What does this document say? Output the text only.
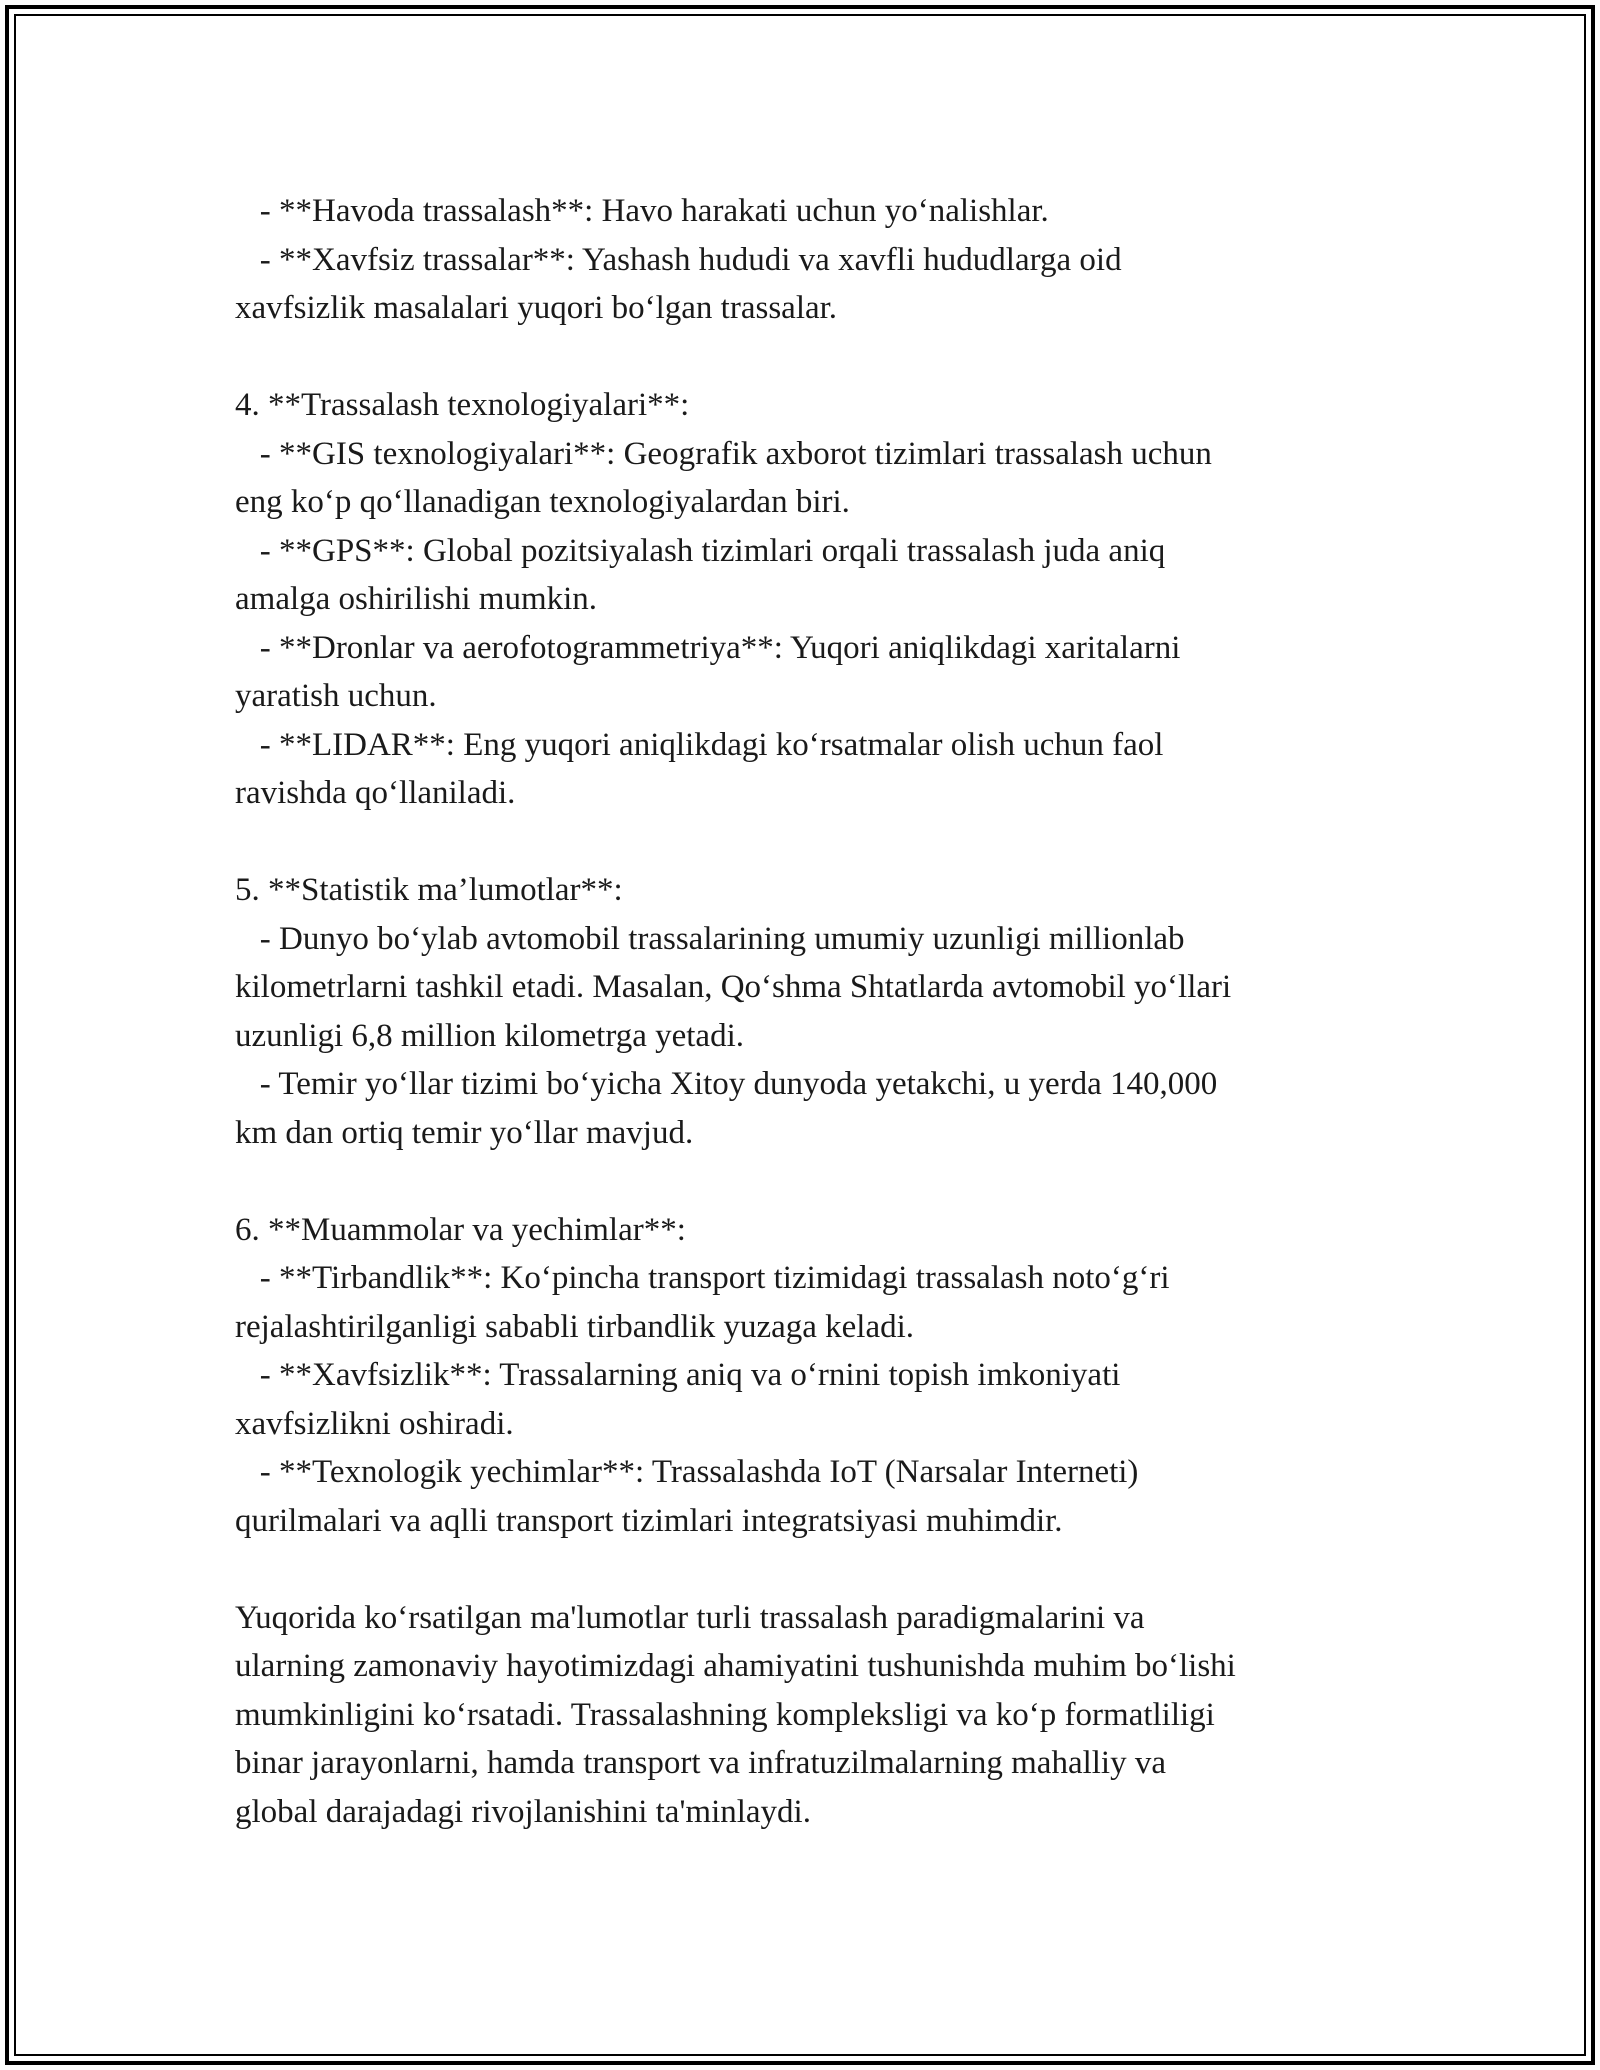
- **Havoda trassalash**: Havo harakati uchun yo‘nalishlar.
- **Xavfsiz trassalar**: Yashash hududi va xavfli hududlarga oid
xavfsizlik masalalari yuqori bo‘lgan trassalar.
4. **Trassalash texnologiyalari**:
- **GIS texnologiyalari**: Geografik axborot tizimlari trassalash uchun
eng ko‘p qo‘llanadigan texnologiyalardan biri.
- **GPS**: Global pozitsiyalash tizimlari orqali trassalash juda aniq
amalga oshirilishi mumkin.
- **Dronlar va aerofotogrammetriya**: Yuqori aniqlikdagi xaritalarni
yaratish uchun.
- **LIDAR**: Eng yuqori aniqlikdagi ko‘rsatmalar olish uchun faol
ravishda qo‘llaniladi.
5. **Statistik ma’lumotlar**:
- Dunyo bo‘ylab avtomobil trassalarining umumiy uzunligi millionlab
kilometrlarni tashkil etadi. Masalan, Qo‘shma Shtatlarda avtomobil yo‘llari
uzunligi 6,8 million kilometrga yetadi.
- Temir yo‘llar tizimi bo‘yicha Xitoy dunyoda yetakchi, u yerda 140,000
km dan ortiq temir yo‘llar mavjud.
6. **Muammolar va yechimlar**:
- **Tirbandlik**: Ko‘pincha transport tizimidagi trassalash noto‘g‘ri
rejalashtirilganligi sababli tirbandlik yuzaga keladi.
- **Xavfsizlik**: Trassalarning aniq va o‘rnini topish imkoniyati
xavfsizlikni oshiradi.
- **Texnologik yechimlar**: Trassalashda IoT (Narsalar Interneti)
qurilmalari va aqlli transport tizimlari integratsiyasi muhimdir.
Yuqorida ko‘rsatilgan ma'lumotlar turli trassalash paradigmalarini va
ularning zamonaviy hayotimizdagi ahamiyatini tushunishda muhim bo‘lishi
mumkinligini ko‘rsatadi. Trassalashning kompleksligi va ko‘p formatliligi
binar jarayonlarni, hamda transport va infratuzilmalarning mahalliy va
global darajadagi rivojlanishini ta'minlaydi.
